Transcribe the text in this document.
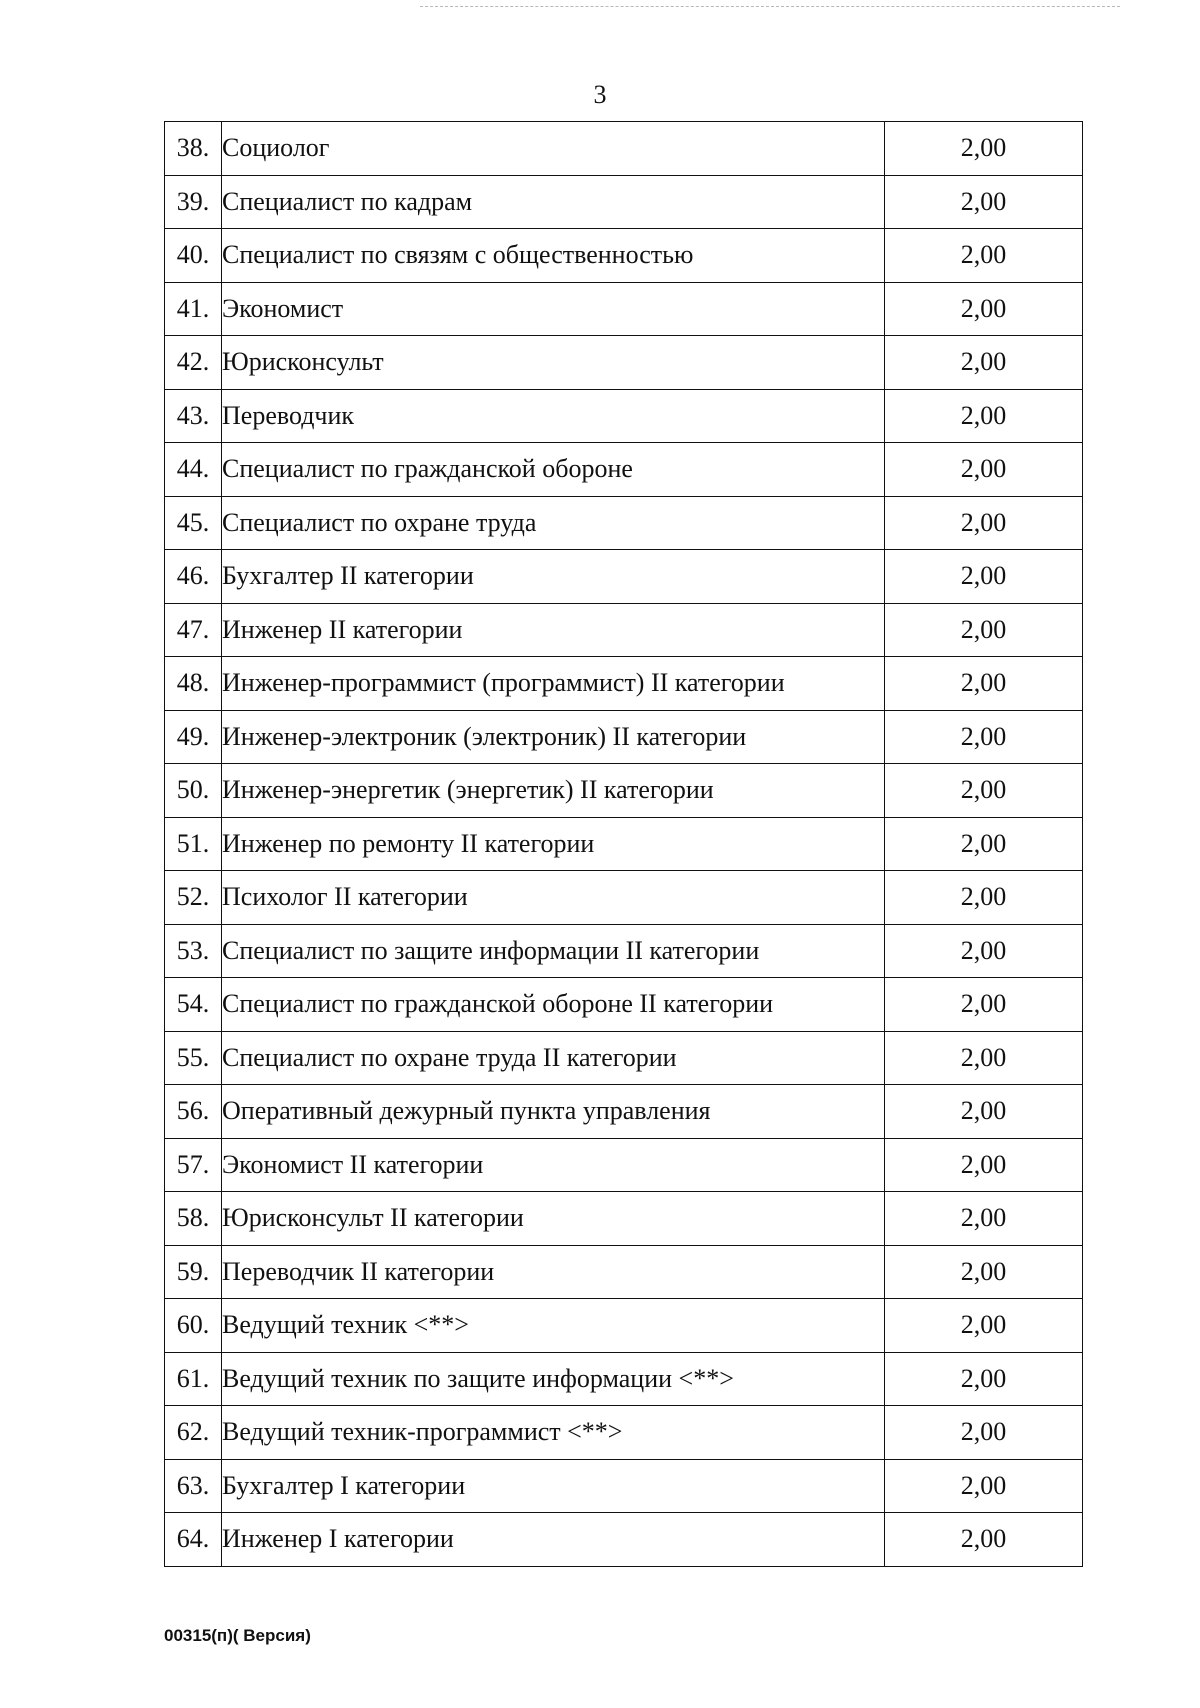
3
38.	Социолог	2,00
39.	Специалист по кадрам	2,00
40.	Специалист по связям с общественностью	2,00
41.	Экономист	2,00
42.	Юрисконсульт	2,00
43.	Переводчик	2,00
44.	Специалист по гражданской обороне	2,00
45.	Специалист по охране труда	2,00
46.	Бухгалтер II категории	2,00
47.	Инженер II категории	2,00
48.	Инженер-программист (программист) II категории	2,00
49.	Инженер-электроник (электроник) II категории	2,00
50.	Инженер-энергетик (энергетик) II категории	2,00
51.	Инженер по ремонту II категории	2,00
52.	Психолог II категории	2,00
53.	Специалист по защите информации II категории	2,00
54.	Специалист по гражданской обороне II категории	2,00
55.	Специалист по охране труда II категории	2,00
56.	Оперативный дежурный пункта управления	2,00
57.	Экономист II категории	2,00
58.	Юрисконсульт II категории	2,00
59.	Переводчик II категории	2,00
60.	Ведущий техник <**>	2,00
61.	Ведущий техник по защите информации <**>	2,00
62.	Ведущий техник-программист <**>	2,00
63.	Бухгалтер I категории	2,00
64.	Инженер I категории	2,00
00315(п)( Версия)
